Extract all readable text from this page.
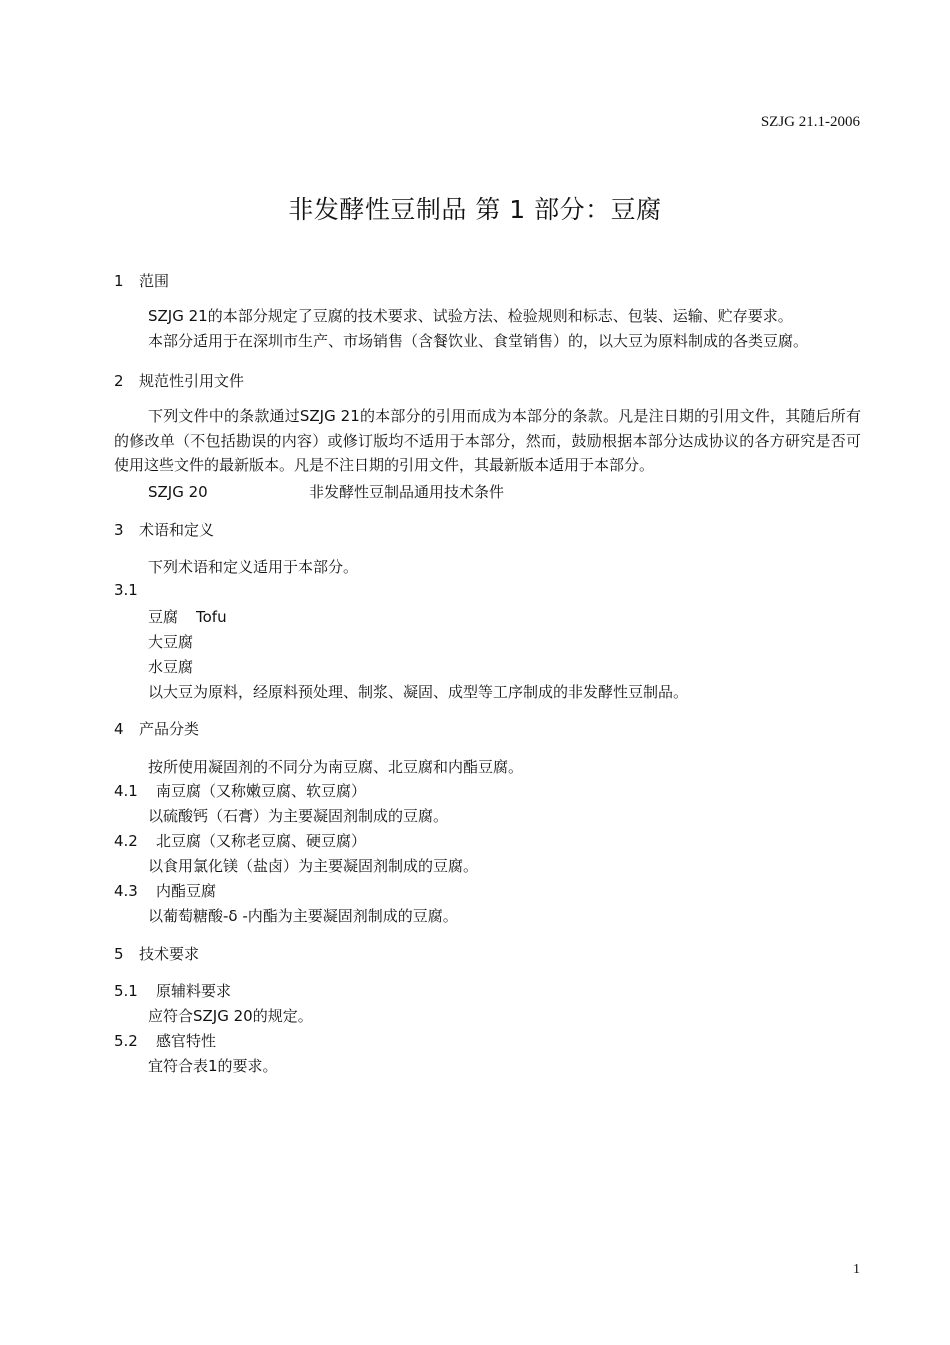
SZJG 21.1-2006
非发酵性豆制品 第 1 部分：豆腐
1 范围
SZJG 21的本部分规定了豆腐的技术要求、试验方法、检验规则和标志、包装、运输、贮存要求。
本部分适用于在深圳市生产、市场销售（含餐饮业、食堂销售）的，以大豆为原料制成的各类豆腐。
2 规范性引用文件
下列文件中的条款通过SZJG 21的本部分的引用而成为本部分的条款。凡是注日期的引用文件，其随后所有的修改单（不包括勘误的内容）或修订版均不适用于本部分，然而，鼓励根据本部分达成协议的各方研究是否可使用这些文件的最新版本。凡是不注日期的引用文件，其最新版本适用于本部分。
SZJG 20	非发酵性豆制品通用技术条件
3 术语和定义
下列术语和定义适用于本部分。
3.1
豆腐 Tofu
大豆腐
水豆腐
以大豆为原料，经原料预处理、制浆、凝固、成型等工序制成的非发酵性豆制品。
4 产品分类
按所使用凝固剂的不同分为南豆腐、北豆腐和内酯豆腐。
4.1 南豆腐（又称嫩豆腐、软豆腐）
以硫酸钙（石膏）为主要凝固剂制成的豆腐。
4.2 北豆腐（又称老豆腐、硬豆腐）
以食用氯化镁（盐卤）为主要凝固剂制成的豆腐。
4.3 内酯豆腐
以葡萄糖酸-δ -内酯为主要凝固剂制成的豆腐。
5 技术要求
5.1 原辅料要求
应符合SZJG 20的规定。
5.2 感官特性
宜符合表1的要求。
1
